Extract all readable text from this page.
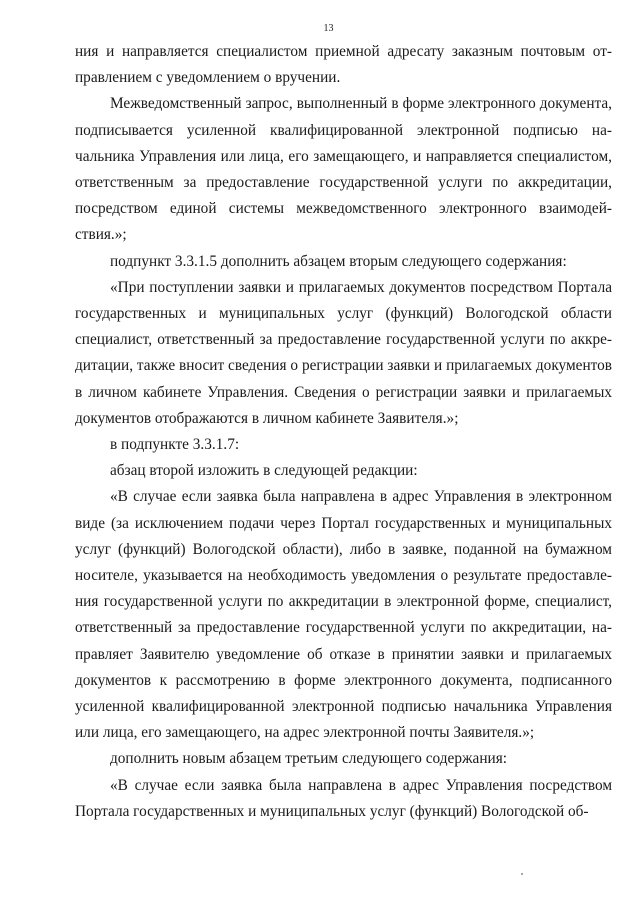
13

ния и направляется специалистом приемной адресату заказным почтовым отправлением с уведомлением о вручении.

Межведомственный запрос, выполненный в форме электронного документа, подписывается усиленной квалифицированной электронной подписью начальника Управления или лица, его замещающего, и направляется специалистом, ответственным за предоставление государственной услуги по аккредитации, посредством единой системы межведомственного электронного взаимодействия.»;

подпункт 3.3.1.5 дополнить абзацем вторым следующего содержания:

«При поступлении заявки и прилагаемых документов посредством Портала государственных и муниципальных услуг (функций) Вологодской области специалист, ответственный за предоставление государственной услуги по аккредитации, также вносит сведения о регистрации заявки и прилагаемых документов в личном кабинете Управления. Сведения о регистрации заявки и прилагаемых документов отображаются в личном кабинете Заявителя.»;

в подпункте 3.3.1.7:

абзац второй изложить в следующей редакции:

«В случае если заявка была направлена в адрес Управления в электронном виде (за исключением подачи через Портал государственных и муниципальных услуг (функций) Вологодской области), либо в заявке, поданной на бумажном носителе, указывается на необходимость уведомления о результате предоставления государственной услуги по аккредитации в электронной форме, специалист, ответственный за предоставление государственной услуги по аккредитации, направляет Заявителю уведомление об отказе в принятии заявки и прилагаемых документов к рассмотрению в форме электронного документа, подписанного усиленной квалифицированной электронной подписью начальника Управления или лица, его замещающего, на адрес электронной почты Заявителя.»;

дополнить новым абзацем третьим следующего содержания:

«В случае если заявка была направлена в адрес Управления посредством Портала государственных и муниципальных услуг (функций) Вологодской об-
